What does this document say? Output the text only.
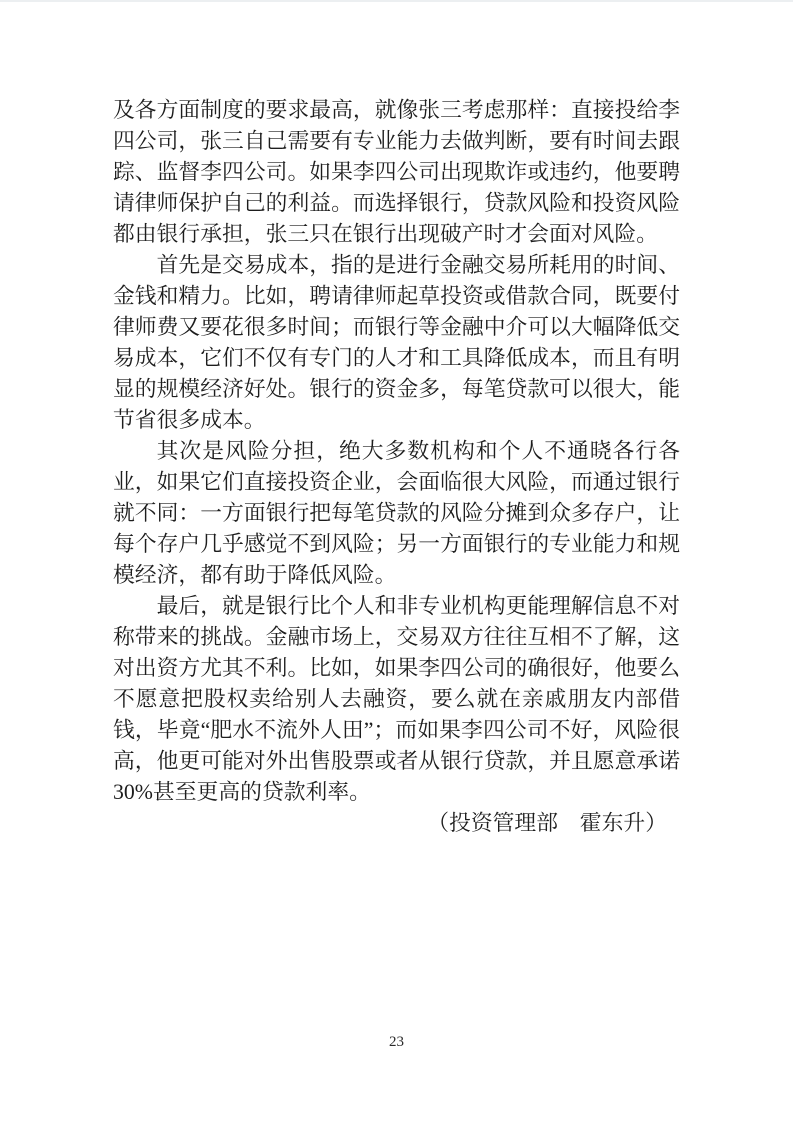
及各方面制度的要求最高，就像张三考虑那样：直接投给李四公司，张三自己需要有专业能力去做判断，要有时间去跟踪、监督李四公司。如果李四公司出现欺诈或违约，他要聘请律师保护自己的利益。而选择银行，贷款风险和投资风险都由银行承担，张三只在银行出现破产时才会面对风险。

首先是交易成本，指的是进行金融交易所耗用的时间、金钱和精力。比如，聘请律师起草投资或借款合同，既要付律师费又要花很多时间；而银行等金融中介可以大幅降低交易成本，它们不仅有专门的人才和工具降低成本，而且有明显的规模经济好处。银行的资金多，每笔贷款可以很大，能节省很多成本。

其次是风险分担，绝大多数机构和个人不通晓各行各业，如果它们直接投资企业，会面临很大风险，而通过银行就不同：一方面银行把每笔贷款的风险分摊到众多存户，让每个存户几乎感觉不到风险；另一方面银行的专业能力和规模经济，都有助于降低风险。

最后，就是银行比个人和非专业机构更能理解信息不对称带来的挑战。金融市场上，交易双方往往互相不了解，这对出资方尤其不利。比如，如果李四公司的确很好，他要么不愿意把股权卖给别人去融资，要么就在亲戚朋友内部借钱，毕竟“肥水不流外人田”；而如果李四公司不好，风险很高，他更可能对外出售股票或者从银行贷款，并且愿意承诺 30%甚至更高的贷款利率。

（投资管理部　霍东升）
23
